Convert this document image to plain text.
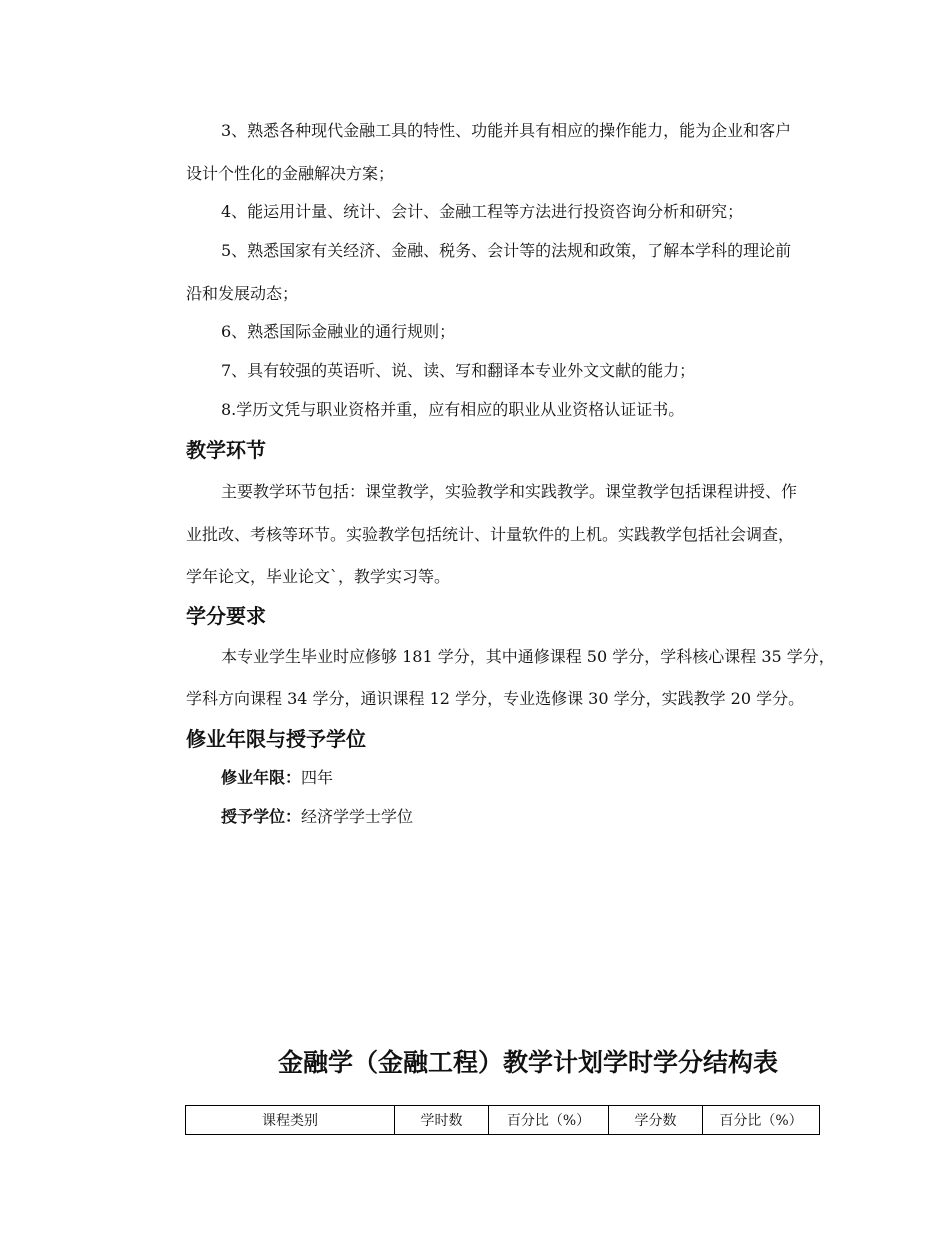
3、熟悉各种现代金融工具的特性、功能并具有相应的操作能力，能为企业和客户
设计个性化的金融解决方案；
4、能运用计量、统计、会计、金融工程等方法进行投资咨询分析和研究；
5、熟悉国家有关经济、金融、税务、会计等的法规和政策，了解本学科的理论前
沿和发展动态；
6、熟悉国际金融业的通行规则；
7、具有较强的英语听、说、读、写和翻译本专业外文文献的能力；
8.学历文凭与职业资格并重，应有相应的职业从业资格认证证书。
教学环节
主要教学环节包括：课堂教学，实验教学和实践教学。课堂教学包括课程讲授、作
业批改、考核等环节。实验教学包括统计、计量软件的上机。实践教学包括社会调查，
学年论文，毕业论文`，教学实习等。
学分要求
本专业学生毕业时应修够 181 学分，其中通修课程 50 学分，学科核心课程 35 学分，
学科方向课程 34 学分，通识课程 12 学分，专业选修课 30 学分，实践教学 20 学分。
修业年限与授予学位
修业年限：四年
授予学位：经济学学士学位
金融学（金融工程）教学计划学时学分结构表
课程类别	学时数	百分比（%）	学分数	百分比（%）
